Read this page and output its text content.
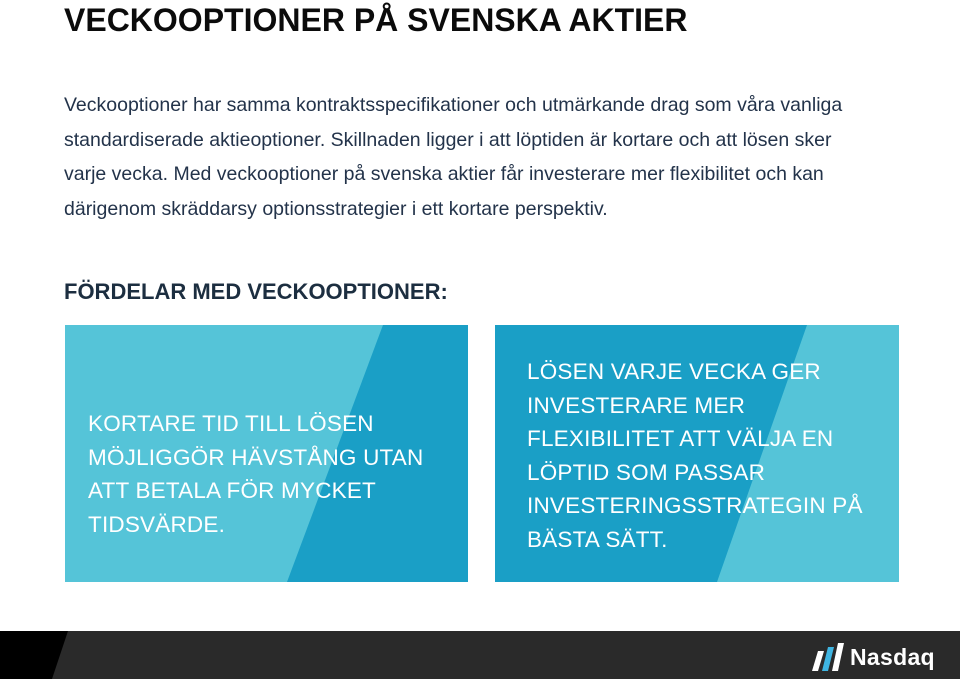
VECKOOPTIONER PÅ SVENSKA AKTIER

Veckooptioner har samma kontraktsspecifikationer och utmärkande drag som våra vanliga standardiserade aktieoptioner. Skillnaden ligger i att löptiden är kortare och att lösen sker varje vecka. Med veckooptioner på svenska aktier får investerare mer flexibilitet och kan därigenom skräddarsy optionsstrategier i ett kortare perspektiv.

FÖRDELAR MED VECKOOPTIONER:

KORTARE TID TILL LÖSEN
MÖJLIGGÖR HÄVSTÅNG UTAN
ATT BETALA FÖR MYCKET
TIDSVÄRDE.

LÖSEN VARJE VECKA GER
INVESTERARE MER
FLEXIBILITET ATT VÄLJA EN
LÖPTID SOM PASSAR
INVESTERINGSSTRATEGIN PÅ
BÄSTA SÄTT.

Nasdaq
